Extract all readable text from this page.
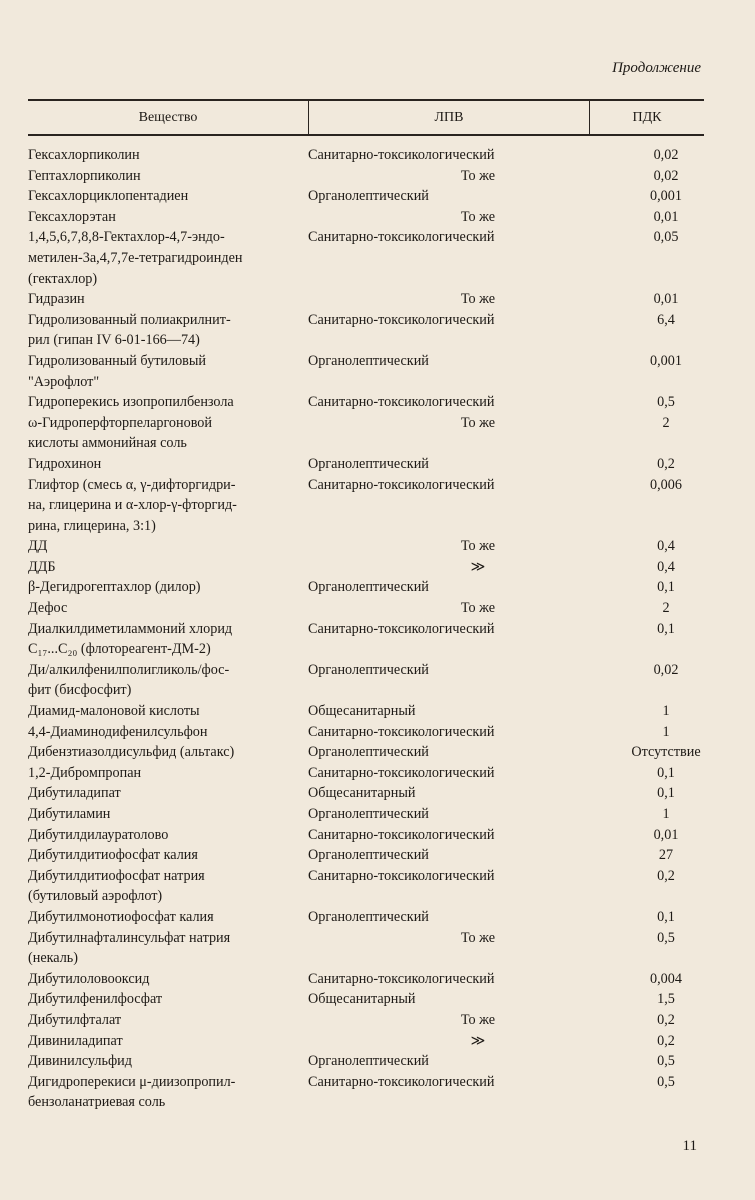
Продолжение
Вещество	ЛПВ	ПДК
Гексахлорпиколин	Санитарно-токсикологический	0,02
Гептахлорпиколин	То же	0,02
Гексахлорциклопентадиен	Органолептический	0,001
Гексахлорэтан	То же	0,01
1,4,5,6,7,8,8-Гектахлор-4,7-эндо-
метилен-3а,4,7,7е-тетрагидроинден
(гектахлор)
Санитарно-токсикологический	0,05
Гидразин	То же	0,01
Гидролизованный полиакрилнит-
рил (гипан IV 6-01-166—74)
Санитарно-токсикологический	6,4
Гидролизованный бутиловый
"Аэрофлот"
Органолептический	0,001
Гидроперекись изопропилбензола	Санитарно-токсикологический	0,5
ω-Гидроперфторпеларгоновой
кислоты аммонийная соль
То же	2
Гидрохинон	Органолептический	0,2
Глифтор (смесь α, γ-дифторгидри-
на, глицерина и α-хлор-γ-фторгид-
рина, глицерина, 3:1)
Санитарно-токсикологический	0,006
ДД	То же	0,4
ДДБ	≫	0,4
β-Дегидрогептахлор (дилор)	Органолептический	0,1
Дефос	То же	2
Диалкилдиметиламмоний хлорид
С₁₇...С₂₀ (флотореагент-ДМ-2)
Санитарно-токсикологический	0,1
Ди/алкилфенилполигликоль/фос-
фит (бисфосфит)
Органолептический	0,02
Диамид-малоновой кислоты	Общесанитарный	1
4,4-Диаминодифенилсульфон	Санитарно-токсикологический	1
Дибензтиазолдисульфид (альтакс)	Органолептический	Отсутствие
1,2-Дибромпропан	Санитарно-токсикологический	0,1
Дибутиладипат	Общесанитарный	0,1
Дибутиламин	Органолептический	1
Дибутилдилауратолово	Санитарно-токсикологический	0,01
Дибутилдитиофосфат калия	Органолептический	27
Дибутилдитиофосфат натрия
(бутиловый аэрофлот)
Санитарно-токсикологический	0,2
Дибутилмонотиофосфат калия	Органолептический	0,1
Дибутилнафталинсульфат натрия
(некаль)
То же	0,5
Дибутилоловооксид	Санитарно-токсикологический	0,004
Дибутилфенилфосфат	Общесанитарный	1,5
Дибутилфталат	То же	0,2
Дивиниладипат	≫	0,2
Дивинилсульфид	Органолептический	0,5
Дигидроперекиси μ-диизопропил-
бензоланатриевая соль
Санитарно-токсикологический	0,5
11
